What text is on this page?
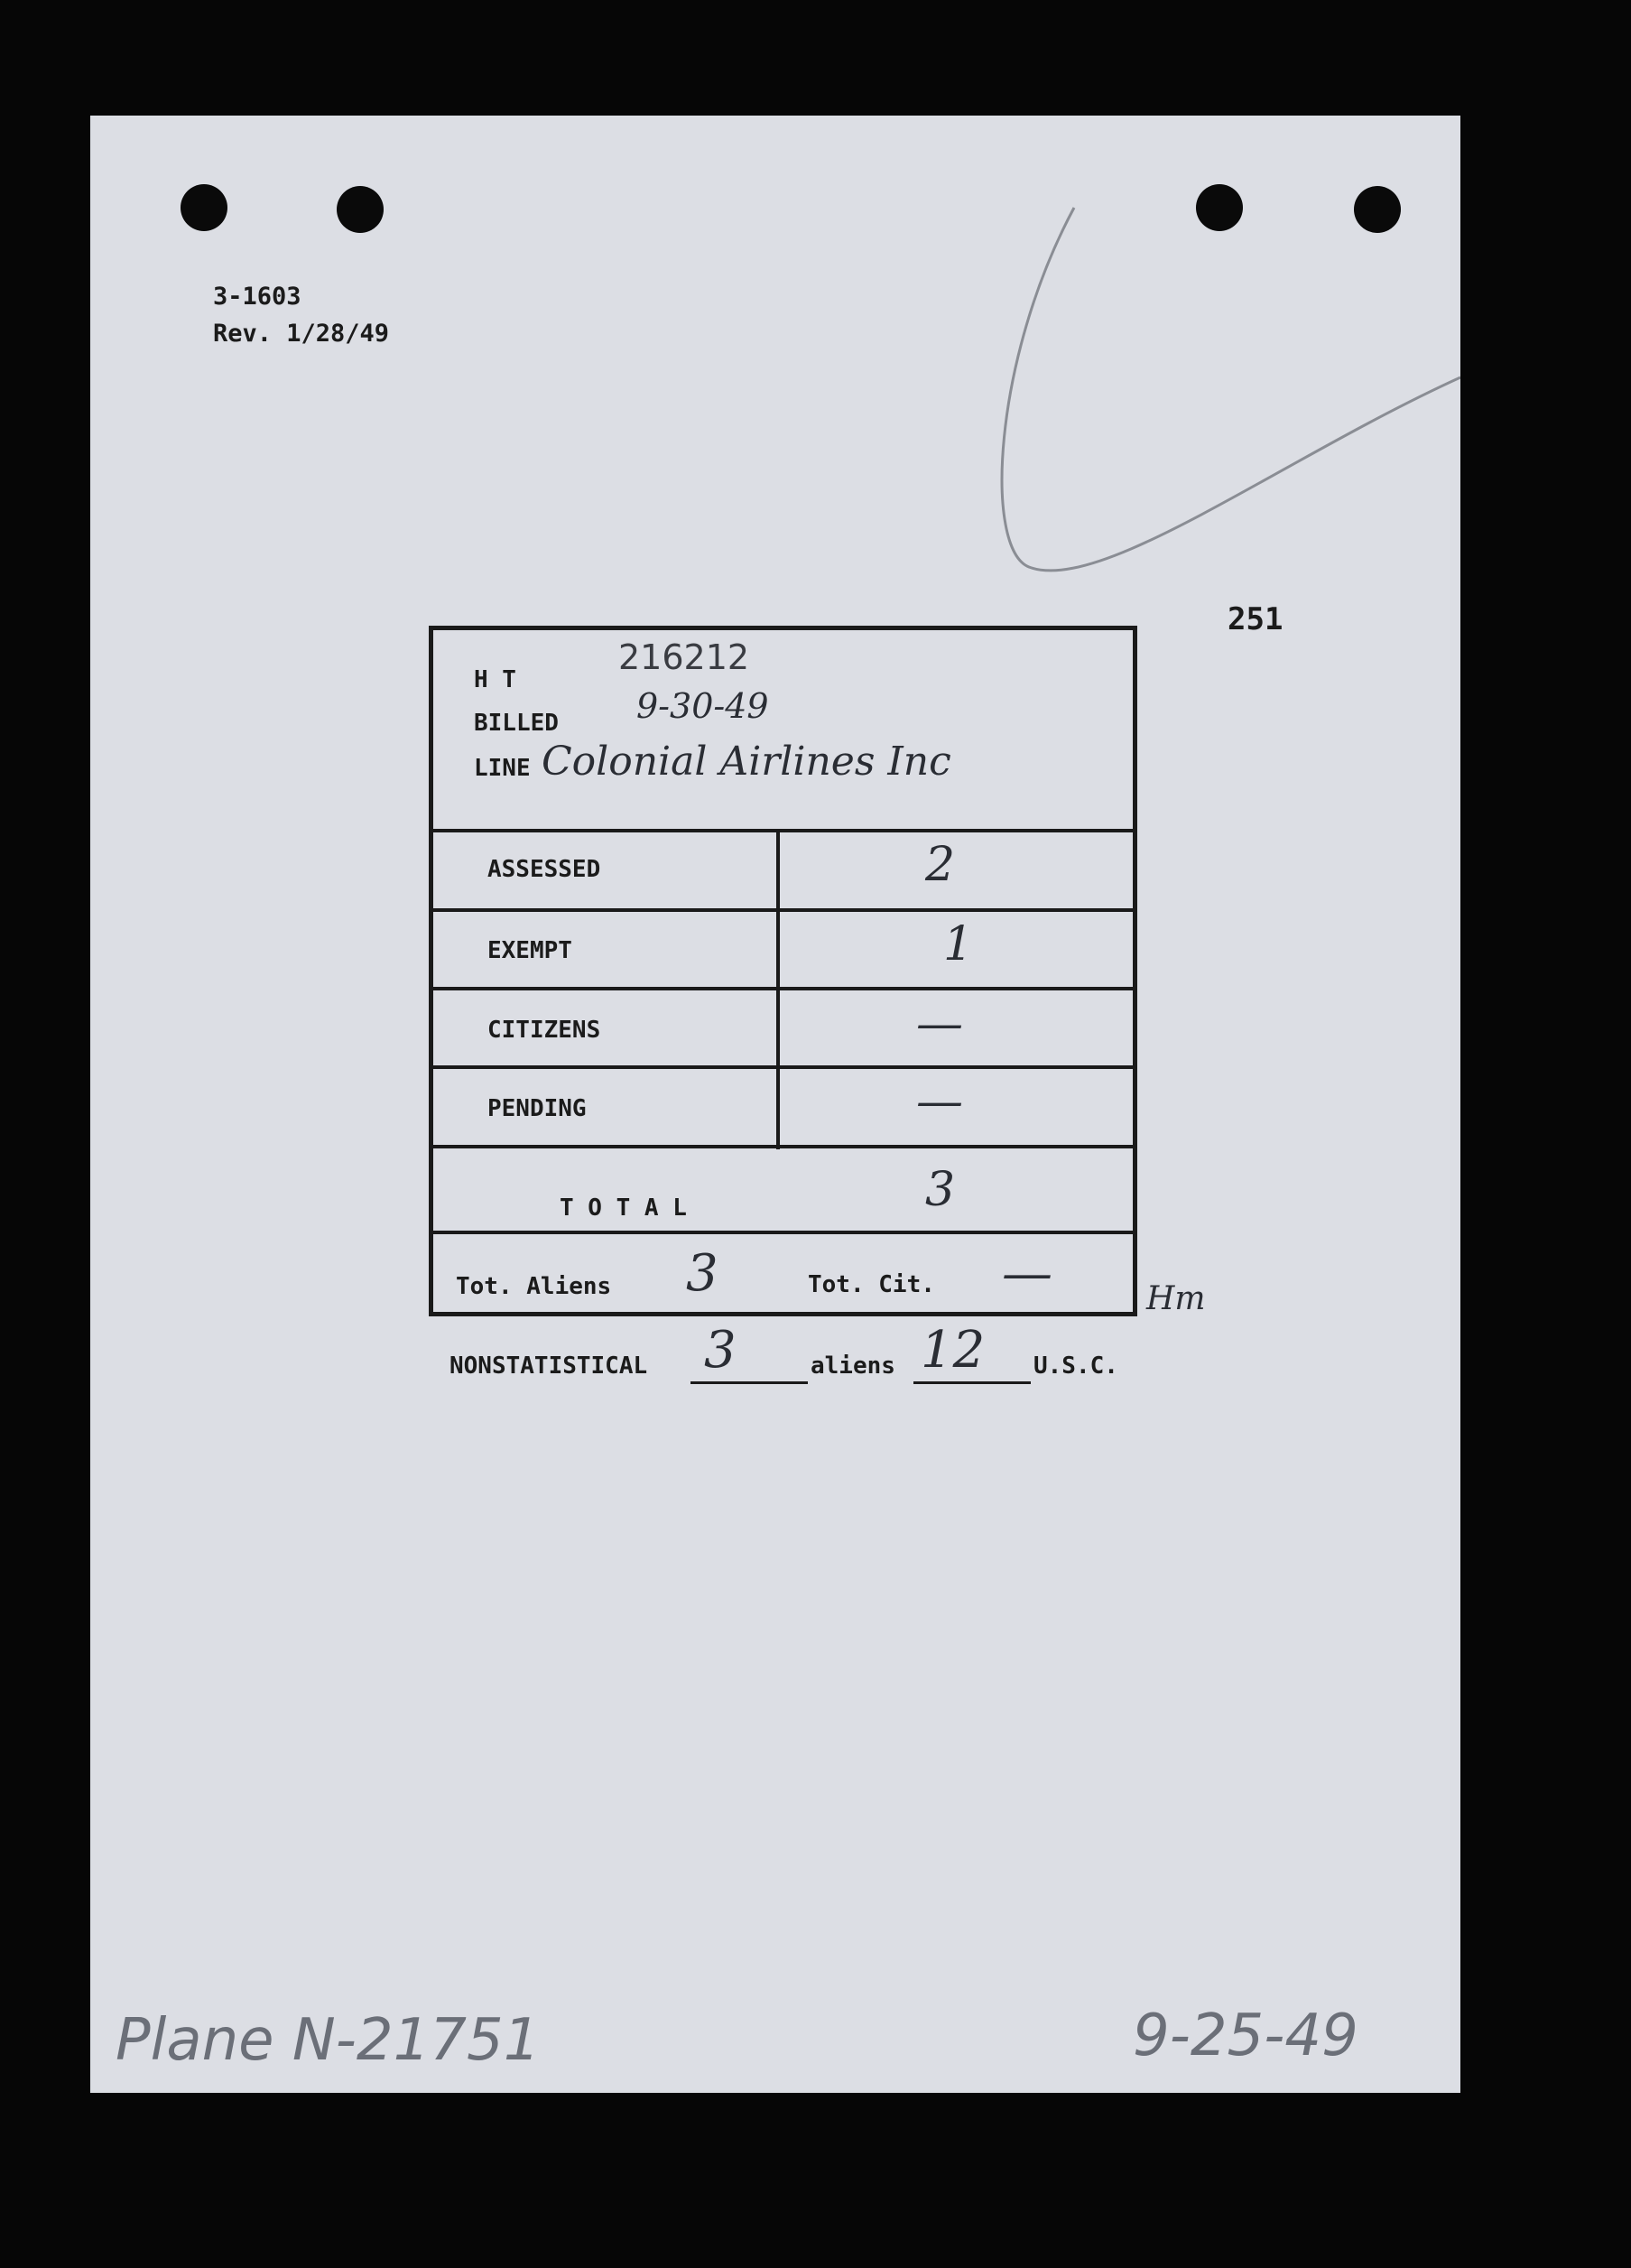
3-1603
Rev. 1/28/49
251
H T
216212
BILLED 9-30-49
LINE Colonial Airlines Inc
ASSESSED	2
EXEMPT	1
CITIZENS	—
PENDING	—
T O T A L	3
Tot. Aliens 3	Tot. Cit. —	Hm
NONSTATISTICAL 3	aliens 12 U.S.C.
Plane N-21751	9-25-49
